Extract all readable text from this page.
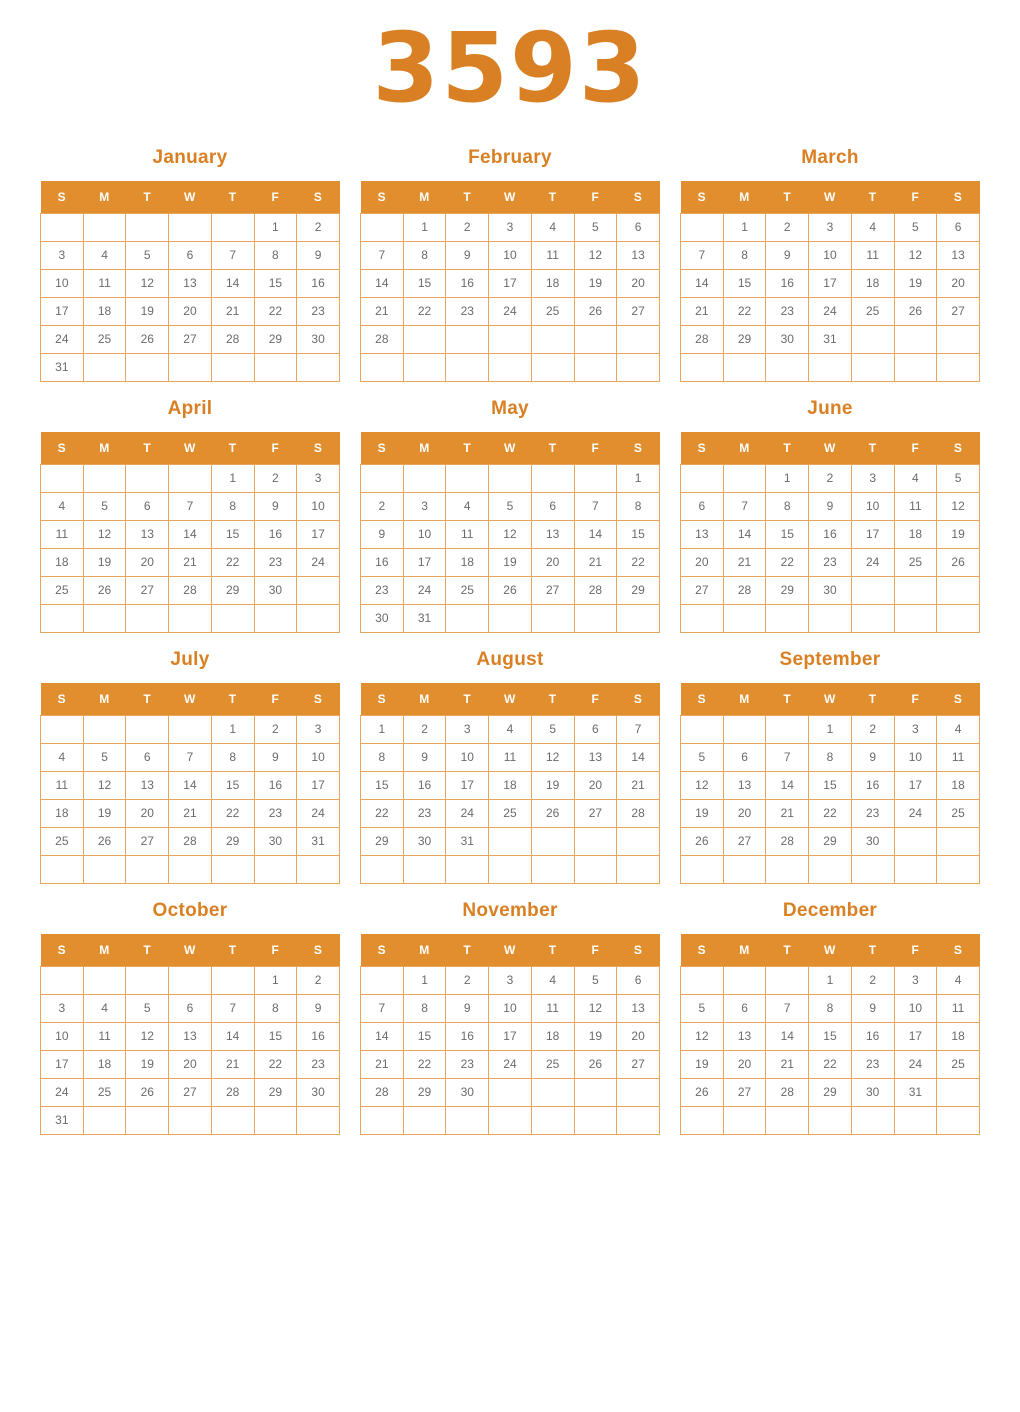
3593
January
S	M	T	W	T	F	S
					1	2
3	4	5	6	7	8	9
10	11	12	13	14	15	16
17	18	19	20	21	22	23
24	25	26	27	28	29	30
31						
February
S	M	T	W	T	F	S
	1	2	3	4	5	6
7	8	9	10	11	12	13
14	15	16	17	18	19	20
21	22	23	24	25	26	27
28						

March
S	M	T	W	T	F	S
	1	2	3	4	5	6
7	8	9	10	11	12	13
14	15	16	17	18	19	20
21	22	23	24	25	26	27
28	29	30	31			

April
S	M	T	W	T	F	S
				1	2	3
4	5	6	7	8	9	10
11	12	13	14	15	16	17
18	19	20	21	22	23	24
25	26	27	28	29	30	

May
S	M	T	W	T	F	S
						1
2	3	4	5	6	7	8
9	10	11	12	13	14	15
16	17	18	19	20	21	22
23	24	25	26	27	28	29
30	31					
June
S	M	T	W	T	F	S
		1	2	3	4	5
6	7	8	9	10	11	12
13	14	15	16	17	18	19
20	21	22	23	24	25	26
27	28	29	30			

July
S	M	T	W	T	F	S
				1	2	3
4	5	6	7	8	9	10
11	12	13	14	15	16	17
18	19	20	21	22	23	24
25	26	27	28	29	30	31

August
S	M	T	W	T	F	S
1	2	3	4	5	6	7
8	9	10	11	12	13	14
15	16	17	18	19	20	21
22	23	24	25	26	27	28
29	30	31				

September
S	M	T	W	T	F	S
			1	2	3	4
5	6	7	8	9	10	11
12	13	14	15	16	17	18
19	20	21	22	23	24	25
26	27	28	29	30		

October
S	M	T	W	T	F	S
					1	2
3	4	5	6	7	8	9
10	11	12	13	14	15	16
17	18	19	20	21	22	23
24	25	26	27	28	29	30
31						
November
S	M	T	W	T	F	S
	1	2	3	4	5	6
7	8	9	10	11	12	13
14	15	16	17	18	19	20
21	22	23	24	25	26	27
28	29	30				

December
S	M	T	W	T	F	S
			1	2	3	4
5	6	7	8	9	10	11
12	13	14	15	16	17	18
19	20	21	22	23	24	25
26	27	28	29	30	31	
